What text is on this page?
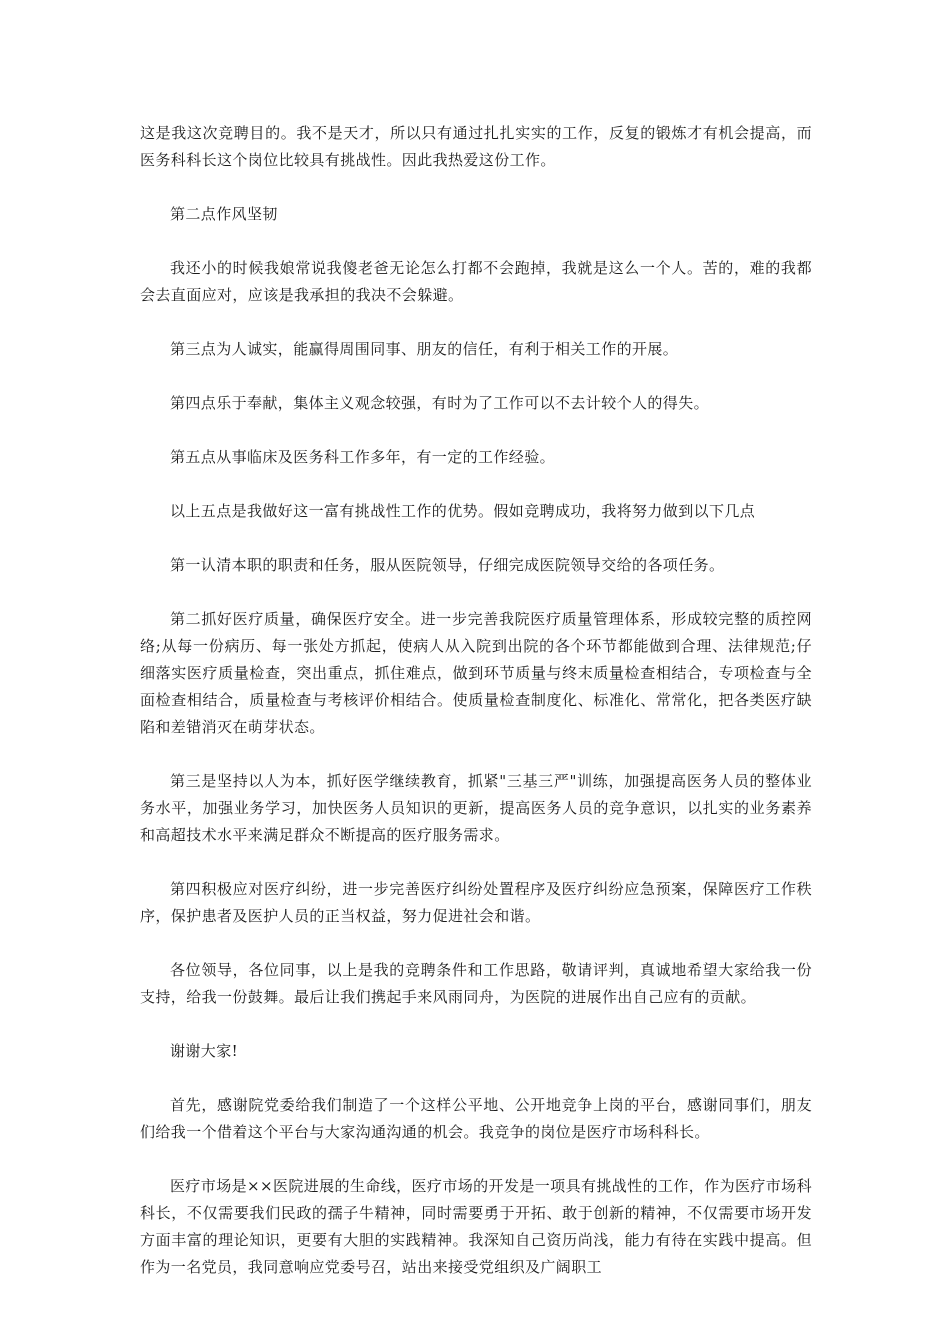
这是我这次竞聘目的。我不是天才，所以只有通过扎扎实实的工作，反复的锻炼才有机会提高，而医务科科长这个岗位比较具有挑战性。因此我热爱这份工作。

第二点作风坚韧

我还小的时候我娘常说我傻老爸无论怎么打都不会跑掉，我就是这么一个人。苦的，难的我都会去直面应对，应该是我承担的我决不会躲避。

第三点为人诚实，能赢得周围同事、朋友的信任，有利于相关工作的开展。

第四点乐于奉献，集体主义观念较强，有时为了工作可以不去计较个人的得失。

第五点从事临床及医务科工作多年，有一定的工作经验。

以上五点是我做好这一富有挑战性工作的优势。假如竞聘成功，我将努力做到以下几点

第一认清本职的职责和任务，服从医院领导，仔细完成医院领导交给的各项任务。

第二抓好医疗质量，确保医疗安全。进一步完善我院医疗质量管理体系，形成较完整的质控网络;从每一份病历、每一张处方抓起，使病人从入院到出院的各个环节都能做到合理、法律规范;仔细落实医疗质量检查，突出重点，抓住难点，做到环节质量与终末质量检查相结合，专项检查与全面检查相结合，质量检查与考核评价相结合。使质量检查制度化、标准化、常常化，把各类医疗缺陷和差错消灭在萌芽状态。

第三是坚持以人为本，抓好医学继续教育，抓紧"三基三严"训练，加强提高医务人员的整体业务水平，加强业务学习，加快医务人员知识的更新，提高医务人员的竞争意识，以扎实的业务素养和高超技术水平来满足群众不断提高的医疗服务需求。

第四积极应对医疗纠纷，进一步完善医疗纠纷处置程序及医疗纠纷应急预案，保障医疗工作秩序，保护患者及医护人员的正当权益，努力促进社会和谐。

各位领导，各位同事，以上是我的竞聘条件和工作思路，敬请评判，真诚地希望大家给我一份支持，给我一份鼓舞。最后让我们携起手来风雨同舟，为医院的进展作出自己应有的贡献。

谢谢大家!

首先，感谢院党委给我们制造了一个这样公平地、公开地竞争上岗的平台，感谢同事们，朋友们给我一个借着这个平台与大家沟通沟通的机会。我竞争的岗位是医疗市场科科长。

医疗市场是××医院进展的生命线，医疗市场的开发是一项具有挑战性的工作，作为医疗市场科科长，不仅需要我们民政的孺子牛精神，同时需要勇于开拓、敢于创新的精神，不仅需要市场开发方面丰富的理论知识，更要有大胆的实践精神。我深知自己资历尚浅，能力有待在实践中提高。但作为一名党员，我同意响应党委号召，站出来接受党组织及广阔职工
